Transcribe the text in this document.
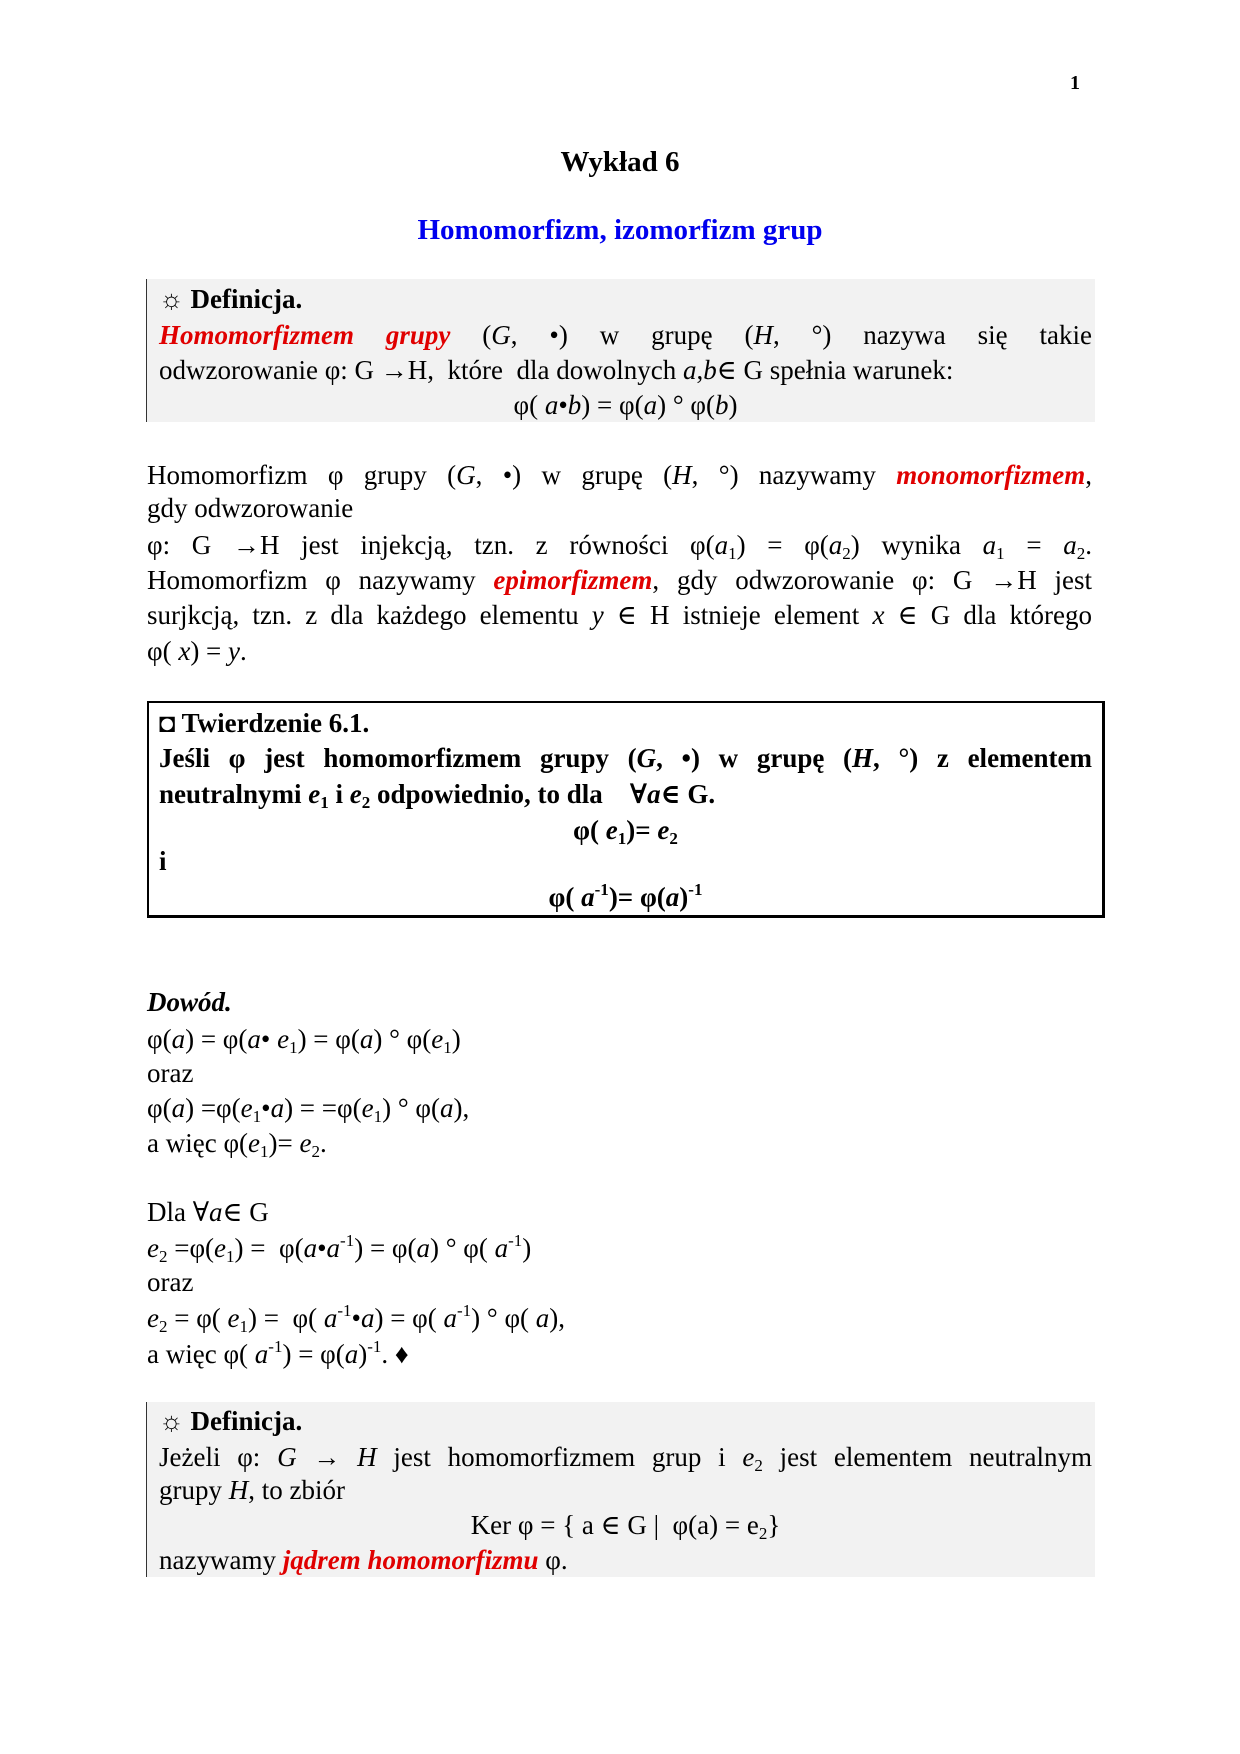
1
Wykład 6
Homomorfizm, izomorfizm grup
☼ Definicja.
Homomorfizmem grupy (G, •) w grupę (H, °) nazywa się takie
odwzorowanie φ: G →H,  które  dla dowolnych a,b∈ G spełnia warunek:
φ( a•b) = φ(a) ° φ(b)
Homomorfizm φ grupy (G, •) w grupę (H, °) nazywamy monomorfizmem,
gdy odwzorowanie
φ: G →H jest injekcją, tzn. z równości $\varphi(a_1) = \varphi(a_2)$ wynika $a_1 = a_2$.
Homomorfizm φ nazywamy epimorfizmem, gdy odwzorowanie φ: G →H jest
surjkcją, tzn. z dla każdego elementu y ∈ H istnieje element x ∈ G dla którego
φ( x) = y.
◘ Twierdzenie 6.1.
Jeśli φ jest homomorfizmem grupy (G, •) w grupę (H, °) z elementem
neutralnymi $e_1$ i $e_2$ odpowiednio, to dla    ∀a∈ G.
φ( $e_1)= e_2$
i
φ( $a^{-1})= \varphi(a)^{-1}$
Dowód.
φ(a) = φ(a• $e_1) = \varphi(a)$ ° $\varphi(e_1)$
oraz
$\varphi(a) =\varphi(e_1•a) = =\varphi(e_1)$ ° φ(a),
a więc $\varphi(e_1)= e_2$.
Dla ∀a∈ G
$e_2 =\varphi(e_1)$ =  $\varphi(a•a^{-1}) = \varphi(a)$ ° φ( $a^{-1}$)
oraz
$e_2 = \varphi$( $e_1) = \varphi$( $a^{-1}•a) = \varphi$( $a^{-1}$) ° φ( a),
a więc φ( $a^{-1}) = \varphi(a)^{-1}$. ♦
☼ Definicja.
Jeżeli φ: G → H jest homomorfizmem grup i $e_2$ jest elementem neutralnym
grupy H, to zbiór
Ker φ = { a ∈ G |  $\varphi(a) = e_2$}
nazywamy jądrem homomorfizmu φ.
